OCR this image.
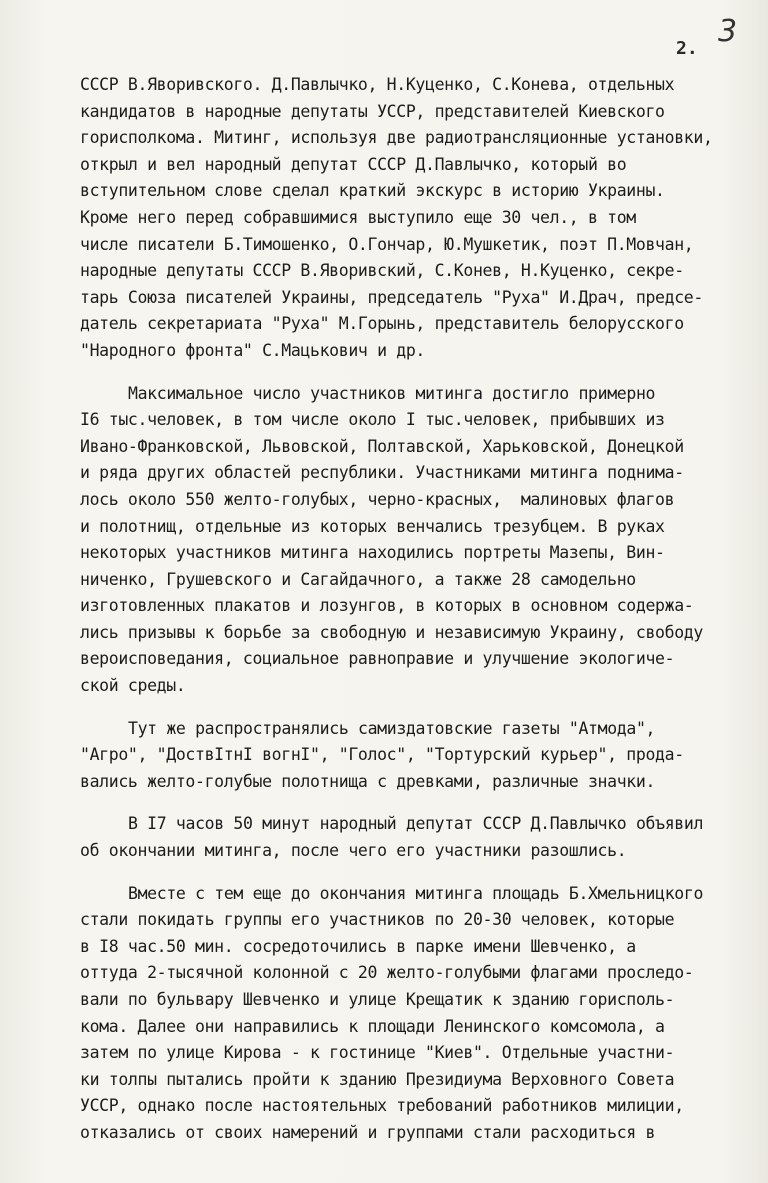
2. 3
СССР В.Яворивского. Д.Павлычко, Н.Куценко, С.Конева, отдельных
кандидатов в народные депутаты УССР, представителей Киевского
горисполкома. Митинг, используя две радиотрансляционные установки,
открыл и вел народный депутат СССР Д.Павлычко, который во
вступительном слове сделал краткий экскурс в историю Украины.
Кроме него перед собравшимися выступило еще 30 чел., в том
числе писатели Б.Тимошенко, О.Гончар, Ю.Мушкетик, поэт П.Мовчан,
народные депутаты СССР В.Яворивский, С.Конев, Н.Куценко, секре-
тарь Союза писателей Украины, председатель "Руха" И.Драч, предсе-
датель секретариата "Руха" М.Горынь, представитель белорусского
"Народного фронта" С.Мацькович и др.
Максимальное число участников митинга достигло примерно
I6 тыс.человек, в том числе около I тыс.человек, прибывших из
Ивано-Франковской, Львовской, Полтавской, Харьковской, Донецкой
и ряда других областей республики. Участниками митинга поднима-
лось около 550 желто-голубых, черно-красных,  малиновых флагов
и полотнищ, отдельные из которых венчались трезубцем. В руках
некоторых участников митинга находились портреты Мазепы, Вин-
ниченко, Грушевского и Сагайдачного, а также 28 самодельно
изготовленных плакатов и лозунгов, в которых в основном содержа-
лись призывы к борьбе за свободную и независимую Украину, свободу
вероисповедания, социальное равноправие и улучшение экологиче-
ской среды.
Тут же распространялись самиздатовские газеты "Атмода",
"Агро", "ДоствІтнІ вогнІ", "Голос", "Тортурский курьер", прода-
вались желто-голубые полотнища с древками, различные значки.
В I7 часов 50 минут народный депутат СССР Д.Павлычко объявил
об окончании митинга, после чего его участники разошлись.
Вместе с тем еще до окончания митинга площадь Б.Хмельницкого
стали покидать группы его участников по 20-30 человек, которые
в I8 час.50 мин. сосредоточились в парке имени Шевченко, а
оттуда 2-тысячной колонной с 20 желто-голубыми флагами проследо-
вали по бульвару Шевченко и улице Крещатик к зданию горисполь-
кома. Далее они направились к площади Ленинского комсомола, а
затем по улице Кирова - к гостинице "Киев". Отдельные участни-
ки толпы пытались пройти к зданию Президиума Верховного Совета
УССР, однако после настоятельных требований работников милиции,
отказались от своих намерений и группами стали расходиться в
